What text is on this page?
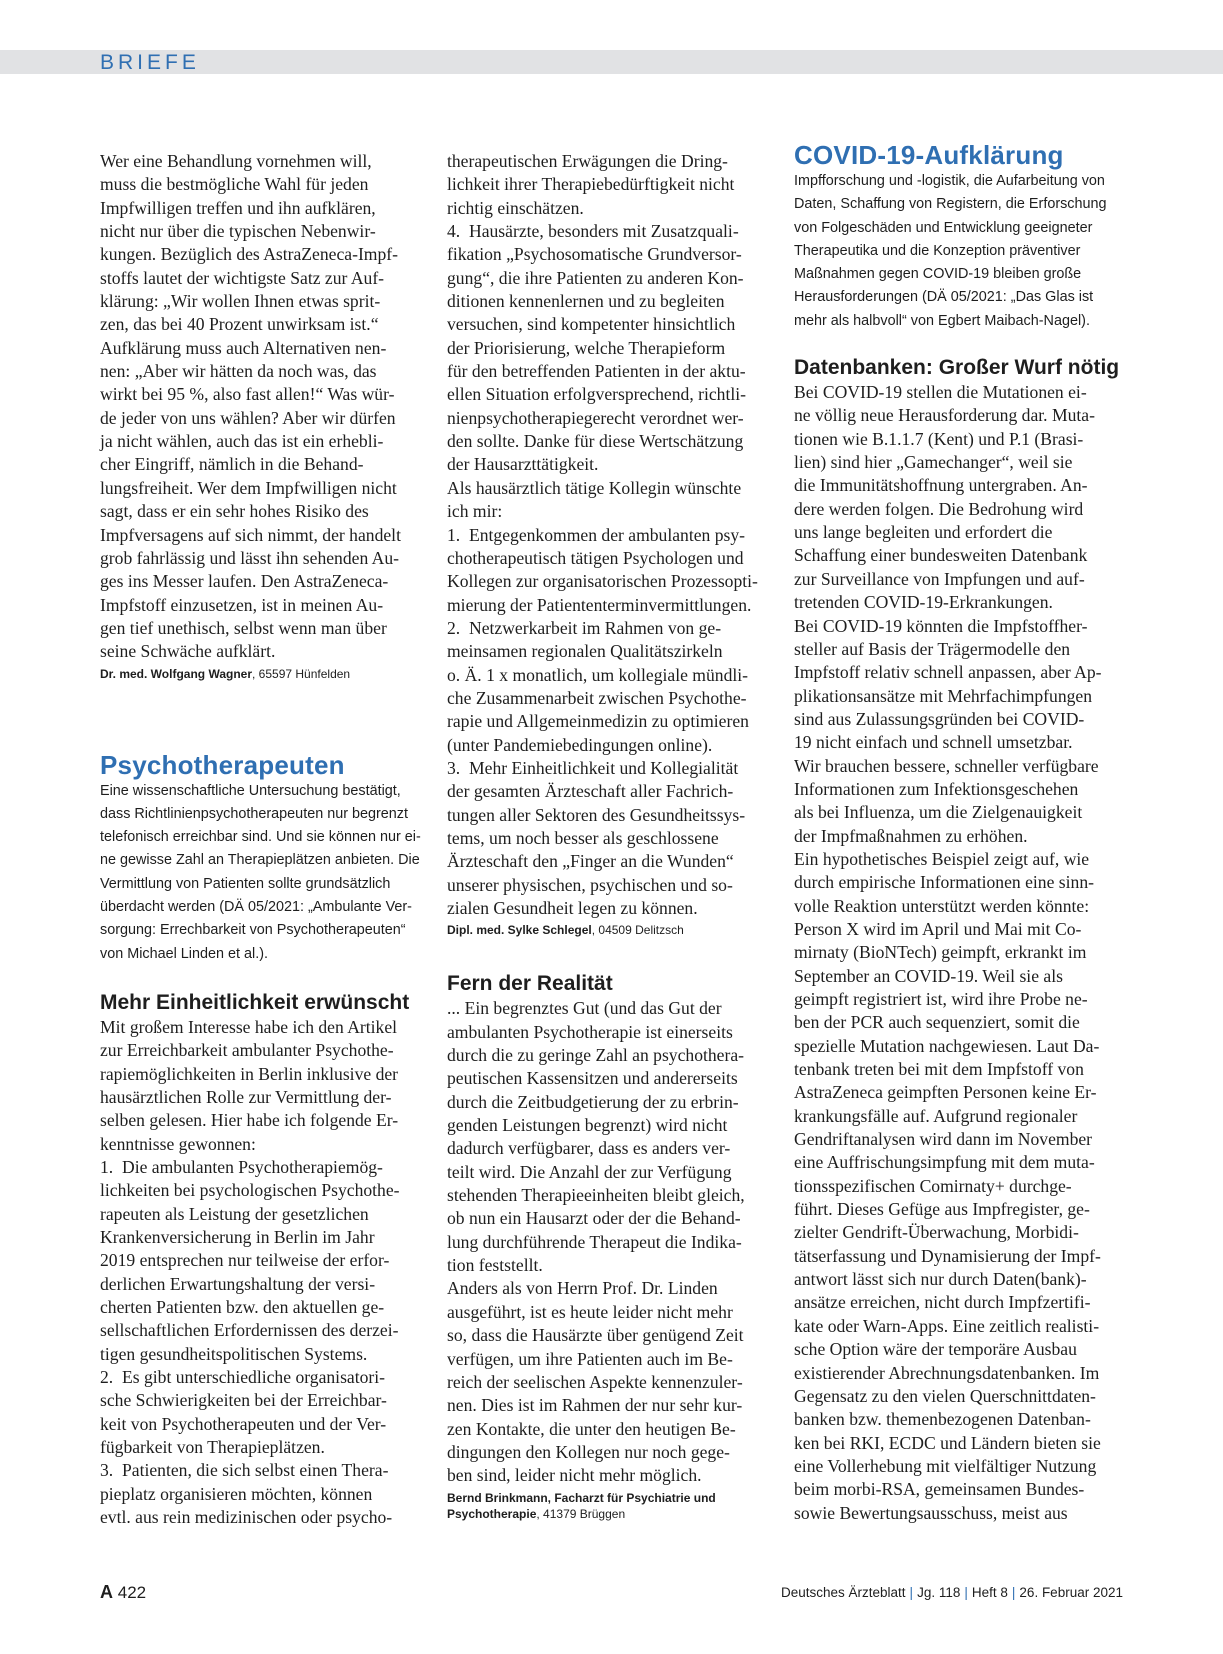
BRIEFE
Wer eine Behandlung vornehmen will,
muss die bestmögliche Wahl für jeden
Impfwilligen treffen und ihn aufklären,
nicht nur über die typischen Nebenwir-
kungen. Bezüglich des AstraZeneca-Impf-
stoffs lautet der wichtigste Satz zur Auf-
klärung: „Wir wollen Ihnen etwas sprit-
zen, das bei 40 Prozent unwirksam ist.“
Aufklärung muss auch Alternativen nen-
nen: „Aber wir hätten da noch was, das
wirkt bei 95 %, also fast allen!“ Was wür-
de jeder von uns wählen? Aber wir dürfen
ja nicht wählen, auch das ist ein erhebli-
cher Eingriff, nämlich in die Behand-
lungsfreiheit. Wer dem Impfwilligen nicht
sagt, dass er ein sehr hohes Risiko des
Impfversagens auf sich nimmt, der handelt
grob fahrlässig und lässt ihn sehenden Au-
ges ins Messer laufen. Den AstraZeneca-
Impfstoff einzusetzen, ist in meinen Au-
gen tief unethisch, selbst wenn man über
seine Schwäche aufklärt.
Dr. med. Wolfgang Wagner, 65597 Hünfelden
Psychotherapeuten
Eine wissenschaftliche Untersuchung bestätigt,
dass Richtlinienpsychotherapeuten nur begrenzt
telefonisch erreichbar sind. Und sie können nur ei-
ne gewisse Zahl an Therapieplätzen anbieten. Die
Vermittlung von Patienten sollte grundsätzlich
überdacht werden (DÄ 05/2021: „Ambulante Ver-
sorgung: Errechbarkeit von Psychotherapeuten“
von Michael Linden et al.).
Mehr Einheitlichkeit erwünscht
Mit großem Interesse habe ich den Artikel
zur Erreichbarkeit ambulanter Psychothe-
rapiemöglichkeiten in Berlin inklusive der
hausärztlichen Rolle zur Vermittlung der-
selben gelesen. Hier habe ich folgende Er-
kenntnisse gewonnen:
1.  Die ambulanten Psychotherapiemög-
lichkeiten bei psychologischen Psychothe-
rapeuten als Leistung der gesetzlichen
Krankenversicherung in Berlin im Jahr
2019 entsprechen nur teilweise der erfor-
derlichen Erwartungshaltung der versi-
cherten Patienten bzw. den aktuellen ge-
sellschaftlichen Erfordernissen des derzei-
tigen gesundheitspolitischen Systems.
2.  Es gibt unterschiedliche organisatori-
sche Schwierigkeiten bei der Erreichbar-
keit von Psychotherapeuten und der Ver-
fügbarkeit von Therapieplätzen.
3.  Patienten, die sich selbst einen Thera-
pieplatz organisieren möchten, können
evtl. aus rein medizinischen oder psycho-
therapeutischen Erwägungen die Dring-
lichkeit ihrer Therapiebedürftigkeit nicht
richtig einschätzen.
4.  Hausärzte, besonders mit Zusatzquali-
fikation „Psychosomatische Grundversor-
gung“, die ihre Patienten zu anderen Kon-
ditionen kennenlernen und zu begleiten
versuchen, sind kompetenter hinsichtlich
der Priorisierung, welche Therapieform
für den betreffenden Patienten in der aktu-
ellen Situation erfolgversprechend, richtli-
nienpsychotherapiegerecht verordnet wer-
den sollte. Danke für diese Wertschätzung
der Hausarzttätigkeit.
Als hausärztlich tätige Kollegin wünschte
ich mir:
1.  Entgegenkommen der ambulanten psy-
chotherapeutisch tätigen Psychologen und
Kollegen zur organisatorischen Prozessopti-
mierung der Patiententerminvermittlungen.
2.  Netzwerkarbeit im Rahmen von ge-
meinsamen regionalen Qualitätszirkeln
o. Ä. 1 x monatlich, um kollegiale mündli-
che Zusammenarbeit zwischen Psychothe-
rapie und Allgemeinmedizin zu optimieren
(unter Pandemiebedingungen online).
3.  Mehr Einheitlichkeit und Kollegialität
der gesamten Ärzteschaft aller Fachrich-
tungen aller Sektoren des Gesundheitssys-
tems, um noch besser als geschlossene
Ärzteschaft den „Finger an die Wunden“
unserer physischen, psychischen und so-
zialen Gesundheit legen zu können.
Dipl. med. Sylke Schlegel, 04509 Delitzsch
Fern der Realität
... Ein begrenztes Gut (und das Gut der
ambulanten Psychotherapie ist einerseits
durch die zu geringe Zahl an psychothera-
peutischen Kassensitzen und andererseits
durch die Zeitbudgetierung der zu erbrin-
genden Leistungen begrenzt) wird nicht
dadurch verfügbarer, dass es anders ver-
teilt wird. Die Anzahl der zur Verfügung
stehenden Therapieeinheiten bleibt gleich,
ob nun ein Hausarzt oder der die Behand-
lung durchführende Therapeut die Indika-
tion feststellt.
Anders als von Herrn Prof. Dr. Linden
ausgeführt, ist es heute leider nicht mehr
so, dass die Hausärzte über genügend Zeit
verfügen, um ihre Patienten auch im Be-
reich der seelischen Aspekte kennenzuler-
nen. Dies ist im Rahmen der nur sehr kur-
zen Kontakte, die unter den heutigen Be-
dingungen den Kollegen nur noch gege-
ben sind, leider nicht mehr möglich.
Bernd Brinkmann, Facharzt für Psychiatrie und
Psychotherapie, 41379 Brüggen
COVID-19-Aufklärung
Impfforschung und -logistik, die Aufarbeitung von
Daten, Schaffung von Registern, die Erforschung
von Folgeschäden und Entwicklung geeigneter
Therapeutika und die Konzeption präventiver
Maßnahmen gegen COVID-19 bleiben große
Herausforderungen (DÄ 05/2021: „Das Glas ist
mehr als halbvoll“ von Egbert Maibach-Nagel).
Datenbanken: Großer Wurf nötig
Bei COVID-19 stellen die Mutationen ei-
ne völlig neue Herausforderung dar. Muta-
tionen wie B.1.1.7 (Kent) und P.1 (Brasi-
lien) sind hier „Gamechanger“, weil sie
die Immunitätshoffnung untergraben. An-
dere werden folgen. Die Bedrohung wird
uns lange begleiten und erfordert die
Schaffung einer bundesweiten Datenbank
zur Surveillance von Impfungen und auf-
tretenden COVID-19-Erkrankungen.
Bei COVID-19 könnten die Impfstoffher-
steller auf Basis der Trägermodelle den
Impfstoff relativ schnell anpassen, aber Ap-
plikationsansätze mit Mehrfachimpfungen
sind aus Zulassungsgründen bei COVID-
19 nicht einfach und schnell umsetzbar.
Wir brauchen bessere, schneller verfügbare
Informationen zum Infektionsgeschehen
als bei Influenza, um die Zielgenauigkeit
der Impfmaßnahmen zu erhöhen.
Ein hypothetisches Beispiel zeigt auf, wie
durch empirische Informationen eine sinn-
volle Reaktion unterstützt werden könnte:
Person X wird im April und Mai mit Co-
mirnaty (BioNTech) geimpft, erkrankt im
September an COVID-19. Weil sie als
geimpft registriert ist, wird ihre Probe ne-
ben der PCR auch sequenziert, somit die
spezielle Mutation nachgewiesen. Laut Da-
tenbank treten bei mit dem Impfstoff von
AstraZeneca geimpften Personen keine Er-
krankungsfälle auf. Aufgrund regionaler
Gendriftanalysen wird dann im November
eine Auffrischungsimpfung mit dem muta-
tionsspezifischen Comirnaty+ durchge-
führt. Dieses Gefüge aus Impfregister, ge-
zielter Gendrift-Überwachung, Morbidi-
tätserfassung und Dynamisierung der Impf-
antwort lässt sich nur durch Daten(bank)-
ansätze erreichen, nicht durch Impfzertifi-
kate oder Warn-Apps. Eine zeitlich realisti-
sche Option wäre der temporäre Ausbau
existierender Abrechnungsdatenbanken. Im
Gegensatz zu den vielen Querschnittdaten-
banken bzw. themenbezogenen Datenban-
ken bei RKI, ECDC und Ländern bieten sie
eine Vollerhebung mit vielfältiger Nutzung
beim morbi-RSA, gemeinsamen Bundes-
sowie Bewertungsausschuss, meist aus
A 422	Deutsches Ärzteblatt | Jg. 118 | Heft 8 | 26. Februar 2021
